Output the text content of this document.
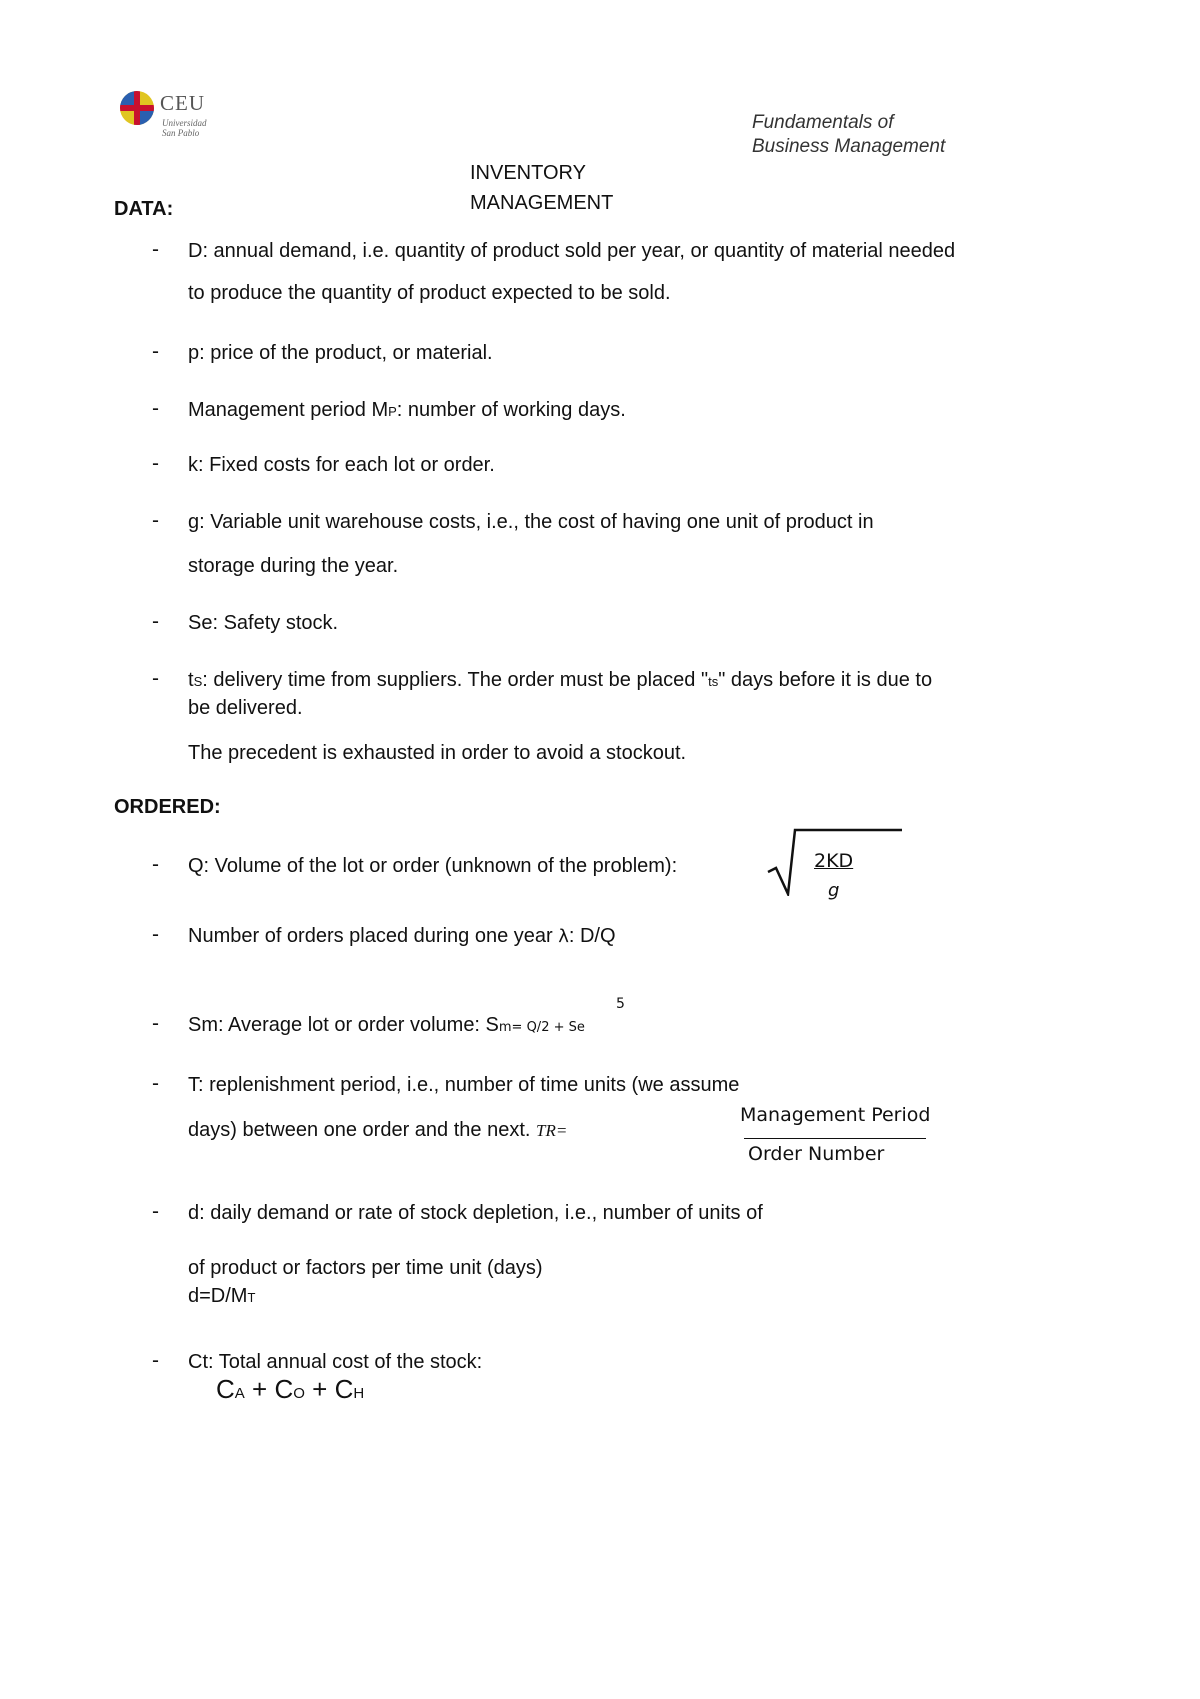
CEU
Universidad
San Pablo	Fundamentals of
Business Management
INVENTORY
MANAGEMENT
DATA:
- D: annual demand, i.e. quantity of product sold per year, or quantity of material needed
to produce the quantity of product expected to be sold.
- p: price of the product, or material.
- Management period MP: number of working days.
- k: Fixed costs for each lot or order.
- g: Variable unit warehouse costs, i.e., the cost of having one unit of product in
storage during the year.
- Se: Safety stock.
- tS: delivery time from suppliers. The order must be placed "ts" days before it is due to
be delivered.
The precedent is exhausted in order to avoid a stockout.
ORDERED:
- Q: Volume of the lot or order (unknown of the problem):	2KD
g
- Number of orders placed during one year λ: D/Q
5
- Sm: Average lot or order volume: Sm= Q/2 + Se
- T: replenishment period, i.e., number of time units (we assume
days) between one order and the next. TR=
Management Period
Order Number
- d: daily demand or rate of stock depletion, i.e., number of units of
of product or factors per time unit (days)
d=D/MT
- Ct: Total annual cost of the stock:
CA + CO + CH
